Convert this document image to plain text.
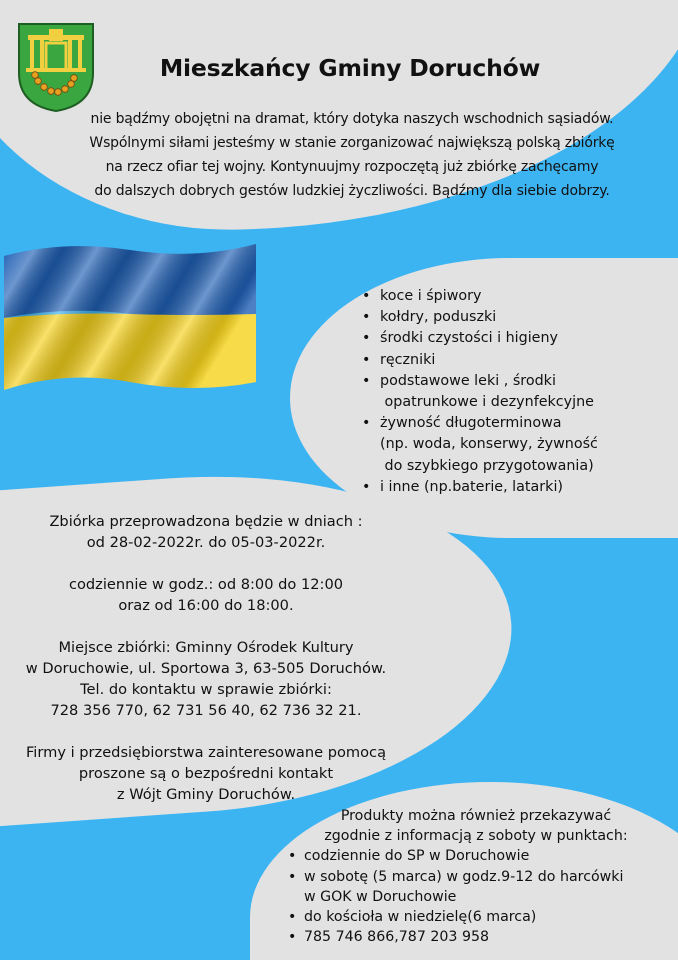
Mieszkańcy Gminy Doruchów
nie bądźmy obojętni na dramat, który dotyka naszych wschodnich sąsiadów.
Wspólnymi siłami jesteśmy w stanie zorganizować największą polską zbiórkę
na rzecz ofiar tej wojny. Kontynuujmy rozpoczętą już zbiórkę zachęcamy
do dalszych dobrych gestów ludzkiej życzliwości. Bądźmy dla siebie dobrzy.
• koce i śpiwory
• kołdry, poduszki
• środki czystości i higieny
• ręczniki
• podstawowe leki , środki
opatrunkowe i dezynfekcyjne
• żywność długoterminowa
(np. woda, konserwy, żywność
do szybkiego przygotowania)
• i inne (np.baterie, latarki)
Zbiórka przeprowadzona będzie w dniach :
od 28-02-2022r. do 05-03-2022r.
codziennie w godz.: od 8:00 do 12:00
oraz od 16:00 do 18:00.
Miejsce zbiórki: Gminny Ośrodek Kultury
w Doruchowie, ul. Sportowa 3, 63-505 Doruchów.
Tel. do kontaktu w sprawie zbiórki:
728 356 770, 62 731 56 40, 62 736 32 21.
Firmy i przedsiębiorstwa zainteresowane pomocą
proszone są o bezpośredni kontakt
z Wójt Gminy Doruchów.
Produkty można również przekazywać
zgodnie z informacją z soboty w punktach:
• codziennie do SP w Doruchowie
• w sobotę (5 marca) w godz.9-12 do harcówki
w GOK w Doruchowie
• do kościoła w niedzielę(6 marca)
• 785 746 866,787 203 958
